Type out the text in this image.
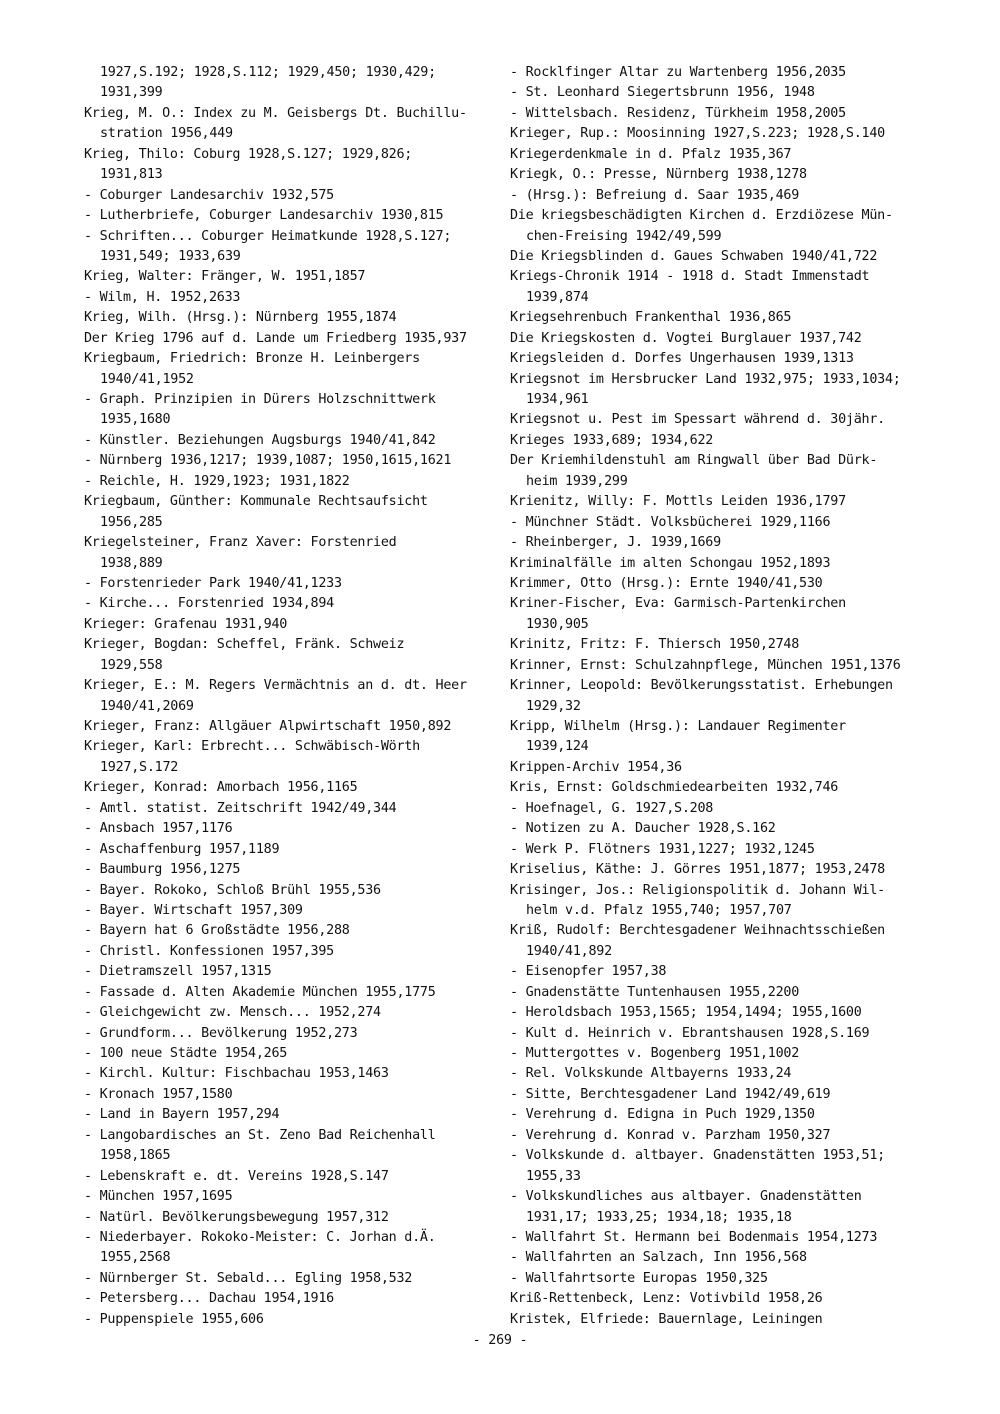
1927,S.192; 1928,S.112; 1929,450; 1930,429;
1931,399
Krieg, M. O.: Index zu M. Geisbergs Dt. Buchillu-
stration 1956,449
Krieg, Thilo: Coburg 1928,S.127; 1929,826;
1931,813
- Coburger Landesarchiv 1932,575
- Lutherbriefe, Coburger Landesarchiv 1930,815
- Schriften... Coburger Heimatkunde 1928,S.127;
1931,549; 1933,639
Krieg, Walter: Fränger, W. 1951,1857
- Wilm, H. 1952,2633
Krieg, Wilh. (Hrsg.): Nürnberg 1955,1874
Der Krieg 1796 auf d. Lande um Friedberg 1935,937
Kriegbaum, Friedrich: Bronze H. Leinbergers
1940/41,1952
- Graph. Prinzipien in Dürers Holzschnittwerk
1935,1680
- Künstler. Beziehungen Augsburgs 1940/41,842
- Nürnberg 1936,1217; 1939,1087; 1950,1615,1621
- Reichle, H. 1929,1923; 1931,1822
Kriegbaum, Günther: Kommunale Rechtsaufsicht
1956,285
Kriegelsteiner, Franz Xaver: Forstenried
1938,889
- Forstenrieder Park 1940/41,1233
- Kirche... Forstenried 1934,894
Krieger: Grafenau 1931,940
Krieger, Bogdan: Scheffel, Fränk. Schweiz
1929,558
Krieger, E.: M. Regers Vermächtnis an d. dt. Heer
1940/41,2069
Krieger, Franz: Allgäuer Alpwirtschaft 1950,892
Krieger, Karl: Erbrecht... Schwäbisch-Wörth
1927,S.172
Krieger, Konrad: Amorbach 1956,1165
- Amtl. statist. Zeitschrift 1942/49,344
- Ansbach 1957,1176
- Aschaffenburg 1957,1189
- Baumburg 1956,1275
- Bayer. Rokoko, Schloß Brühl 1955,536
- Bayer. Wirtschaft 1957,309
- Bayern hat 6 Großstädte 1956,288
- Christl. Konfessionen 1957,395
- Dietramszell 1957,1315
- Fassade d. Alten Akademie München 1955,1775
- Gleichgewicht zw. Mensch... 1952,274
- Grundform... Bevölkerung 1952,273
- 100 neue Städte 1954,265
- Kirchl. Kultur: Fischbachau 1953,1463
- Kronach 1957,1580
- Land in Bayern 1957,294
- Langobardisches an St. Zeno Bad Reichenhall
1958,1865
- Lebenskraft e. dt. Vereins 1928,S.147
- München 1957,1695
- Natürl. Bevölkerungsbewegung 1957,312
- Niederbayer. Rokoko-Meister: C. Jorhan d.Ä.
1955,2568
- Nürnberger St. Sebald... Egling 1958,532
- Petersberg... Dachau 1954,1916
- Puppenspiele 1955,606
- Rocklfinger Altar zu Wartenberg 1956,2035
- St. Leonhard Siegertsbrunn 1956, 1948
- Wittelsbach. Residenz, Türkheim 1958,2005
Krieger, Rup.: Moosinning 1927,S.223; 1928,S.140
Kriegerdenkmale in d. Pfalz 1935,367
Kriegk, O.: Presse, Nürnberg 1938,1278
- (Hrsg.): Befreiung d. Saar 1935,469
Die kriegsbeschädigten Kirchen d. Erzdiözese Mün-
chen-Freising 1942/49,599
Die Kriegsblinden d. Gaues Schwaben 1940/41,722
Kriegs-Chronik 1914 - 1918 d. Stadt Immenstadt
1939,874
Kriegsehrenbuch Frankenthal 1936,865
Die Kriegskosten d. Vogtei Burglauer 1937,742
Kriegsleiden d. Dorfes Ungerhausen 1939,1313
Kriegsnot im Hersbrucker Land 1932,975; 1933,1034;
1934,961
Kriegsnot u. Pest im Spessart während d. 30jähr.
Krieges 1933,689; 1934,622
Der Kriemhildenstuhl am Ringwall über Bad Dürk-
heim 1939,299
Krienitz, Willy: F. Mottls Leiden 1936,1797
- Münchner Städt. Volksbücherei 1929,1166
- Rheinberger, J. 1939,1669
Kriminalfälle im alten Schongau 1952,1893
Krimmer, Otto (Hrsg.): Ernte 1940/41,530
Kriner-Fischer, Eva: Garmisch-Partenkirchen
1930,905
Krinitz, Fritz: F. Thiersch 1950,2748
Krinner, Ernst: Schulzahnpflege, München 1951,1376
Krinner, Leopold: Bevölkerungsstatist. Erhebungen
1929,32
Kripp, Wilhelm (Hrsg.): Landauer Regimenter
1939,124
Krippen-Archiv 1954,36
Kris, Ernst: Goldschmiedearbeiten 1932,746
- Hoefnagel, G. 1927,S.208
- Notizen zu A. Daucher 1928,S.162
- Werk P. Flötners 1931,1227; 1932,1245
Kriselius, Käthe: J. Görres 1951,1877; 1953,2478
Krisinger, Jos.: Religionspolitik d. Johann Wil-
helm v.d. Pfalz 1955,740; 1957,707
Kriß, Rudolf: Berchtesgadener Weihnachtsschießen
1940/41,892
- Eisenopfer 1957,38
- Gnadenstätte Tuntenhausen 1955,2200
- Heroldsbach 1953,1565; 1954,1494; 1955,1600
- Kult d. Heinrich v. Ebrantshausen 1928,S.169
- Muttergottes v. Bogenberg 1951,1002
- Rel. Volkskunde Altbayerns 1933,24
- Sitte, Berchtesgadener Land 1942/49,619
- Verehrung d. Edigna in Puch 1929,1350
- Verehrung d. Konrad v. Parzham 1950,327
- Volkskunde d. altbayer. Gnadenstätten 1953,51;
1955,33
- Volkskundliches aus altbayer. Gnadenstätten
1931,17; 1933,25; 1934,18; 1935,18
- Wallfahrt St. Hermann bei Bodenmais 1954,1273
- Wallfahrten an Salzach, Inn 1956,568
- Wallfahrtsorte Europas 1950,325
Kriß-Rettenbeck, Lenz: Votivbild 1958,26
Kristek, Elfriede: Bauernlage, Leiningen
- 269 -
